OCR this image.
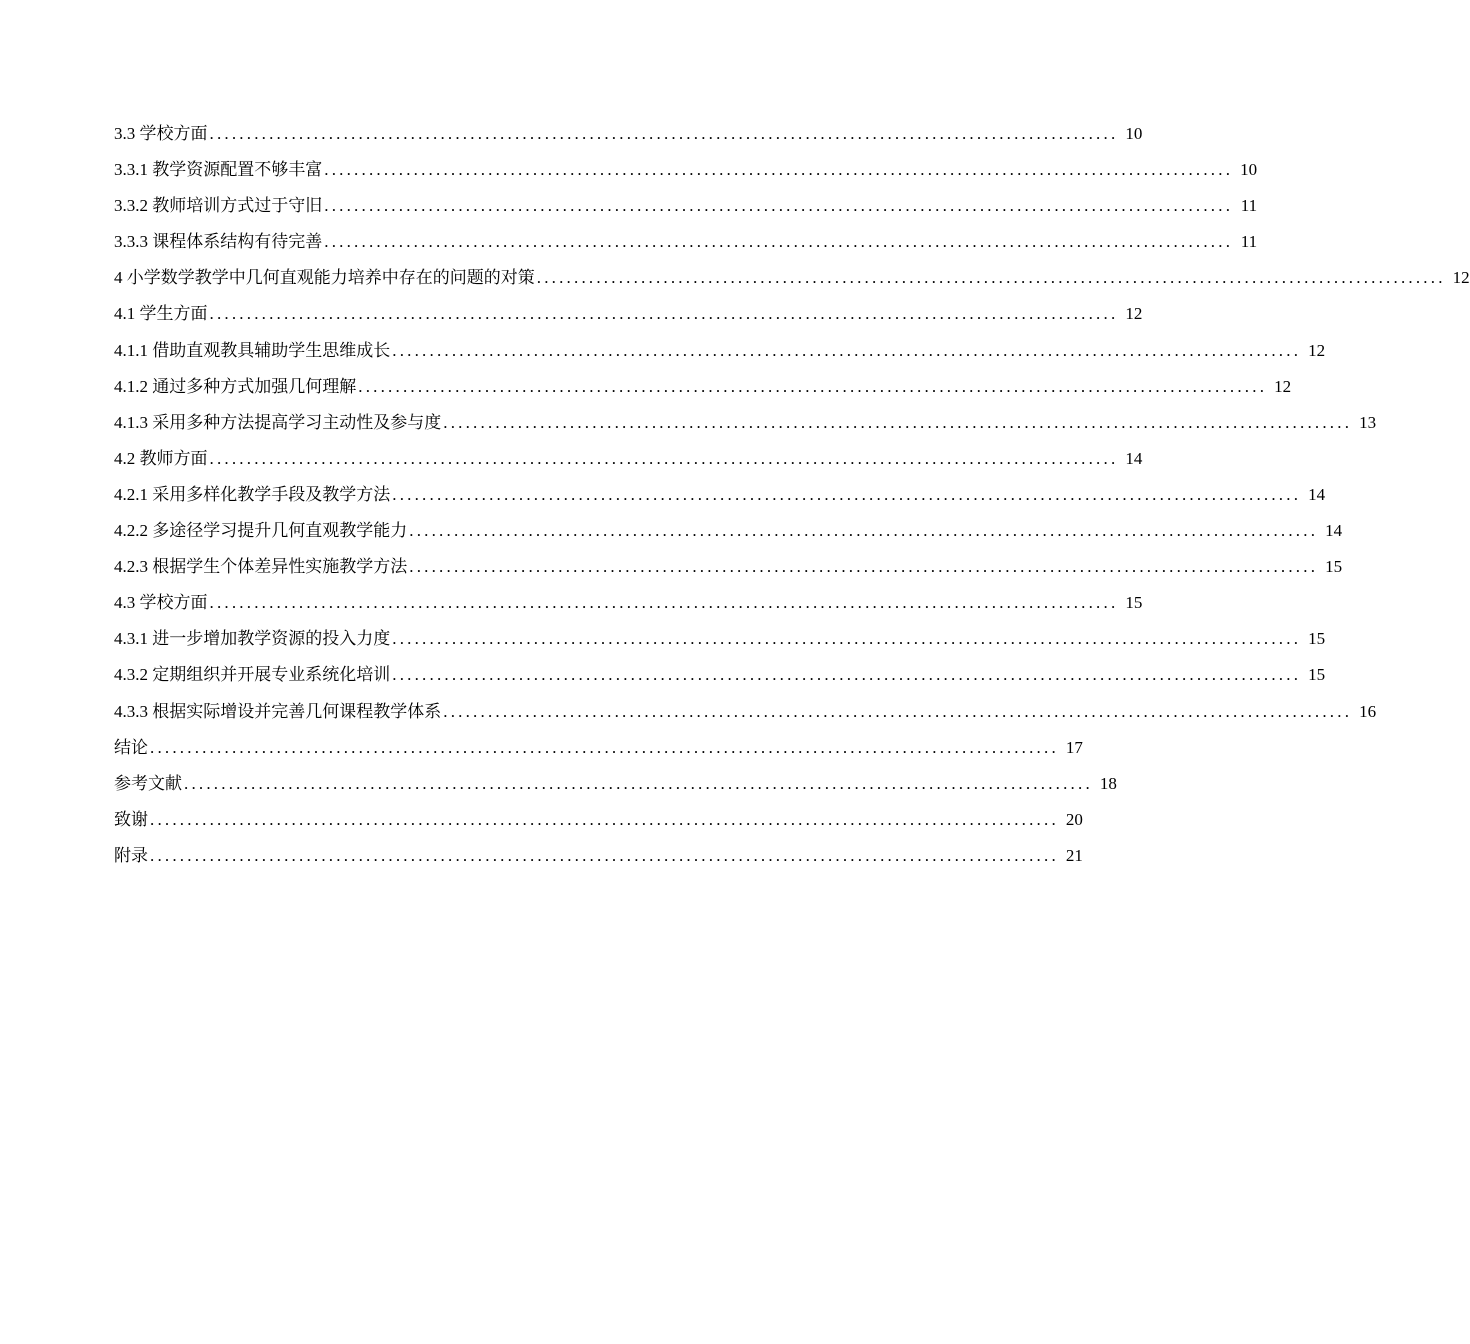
3.3 学校方面 .......................................................................................................................... 10
3.3.1 教学资源配置不够丰富 .......................................................................................................................... 10
3.3.2 教师培训方式过于守旧 .......................................................................................................................... 11
3.3.3 课程体系结构有待完善 .......................................................................................................................... 11
4 小学数学教学中几何直观能力培养中存在的问题的对策 .......................................................................................................................... 12
4.1 学生方面 .......................................................................................................................... 12
4.1.1 借助直观教具辅助学生思维成长 .......................................................................................................................... 12
4.1.2 通过多种方式加强几何理解 .......................................................................................................................... 12
4.1.3 采用多种方法提高学习主动性及参与度 .......................................................................................................................... 13
4.2 教师方面 .......................................................................................................................... 14
4.2.1 采用多样化教学手段及教学方法 .......................................................................................................................... 14
4.2.2 多途径学习提升几何直观教学能力 .......................................................................................................................... 14
4.2.3 根据学生个体差异性实施教学方法 .......................................................................................................................... 15
4.3 学校方面 .......................................................................................................................... 15
4.3.1 进一步增加教学资源的投入力度 .......................................................................................................................... 15
4.3.2 定期组织并开展专业系统化培训 .......................................................................................................................... 15
4.3.3 根据实际增设并完善几何课程教学体系 .......................................................................................................................... 16
结论 .......................................................................................................................... 17
参考文献 .......................................................................................................................... 18
致谢 .......................................................................................................................... 20
附录 .......................................................................................................................... 21
